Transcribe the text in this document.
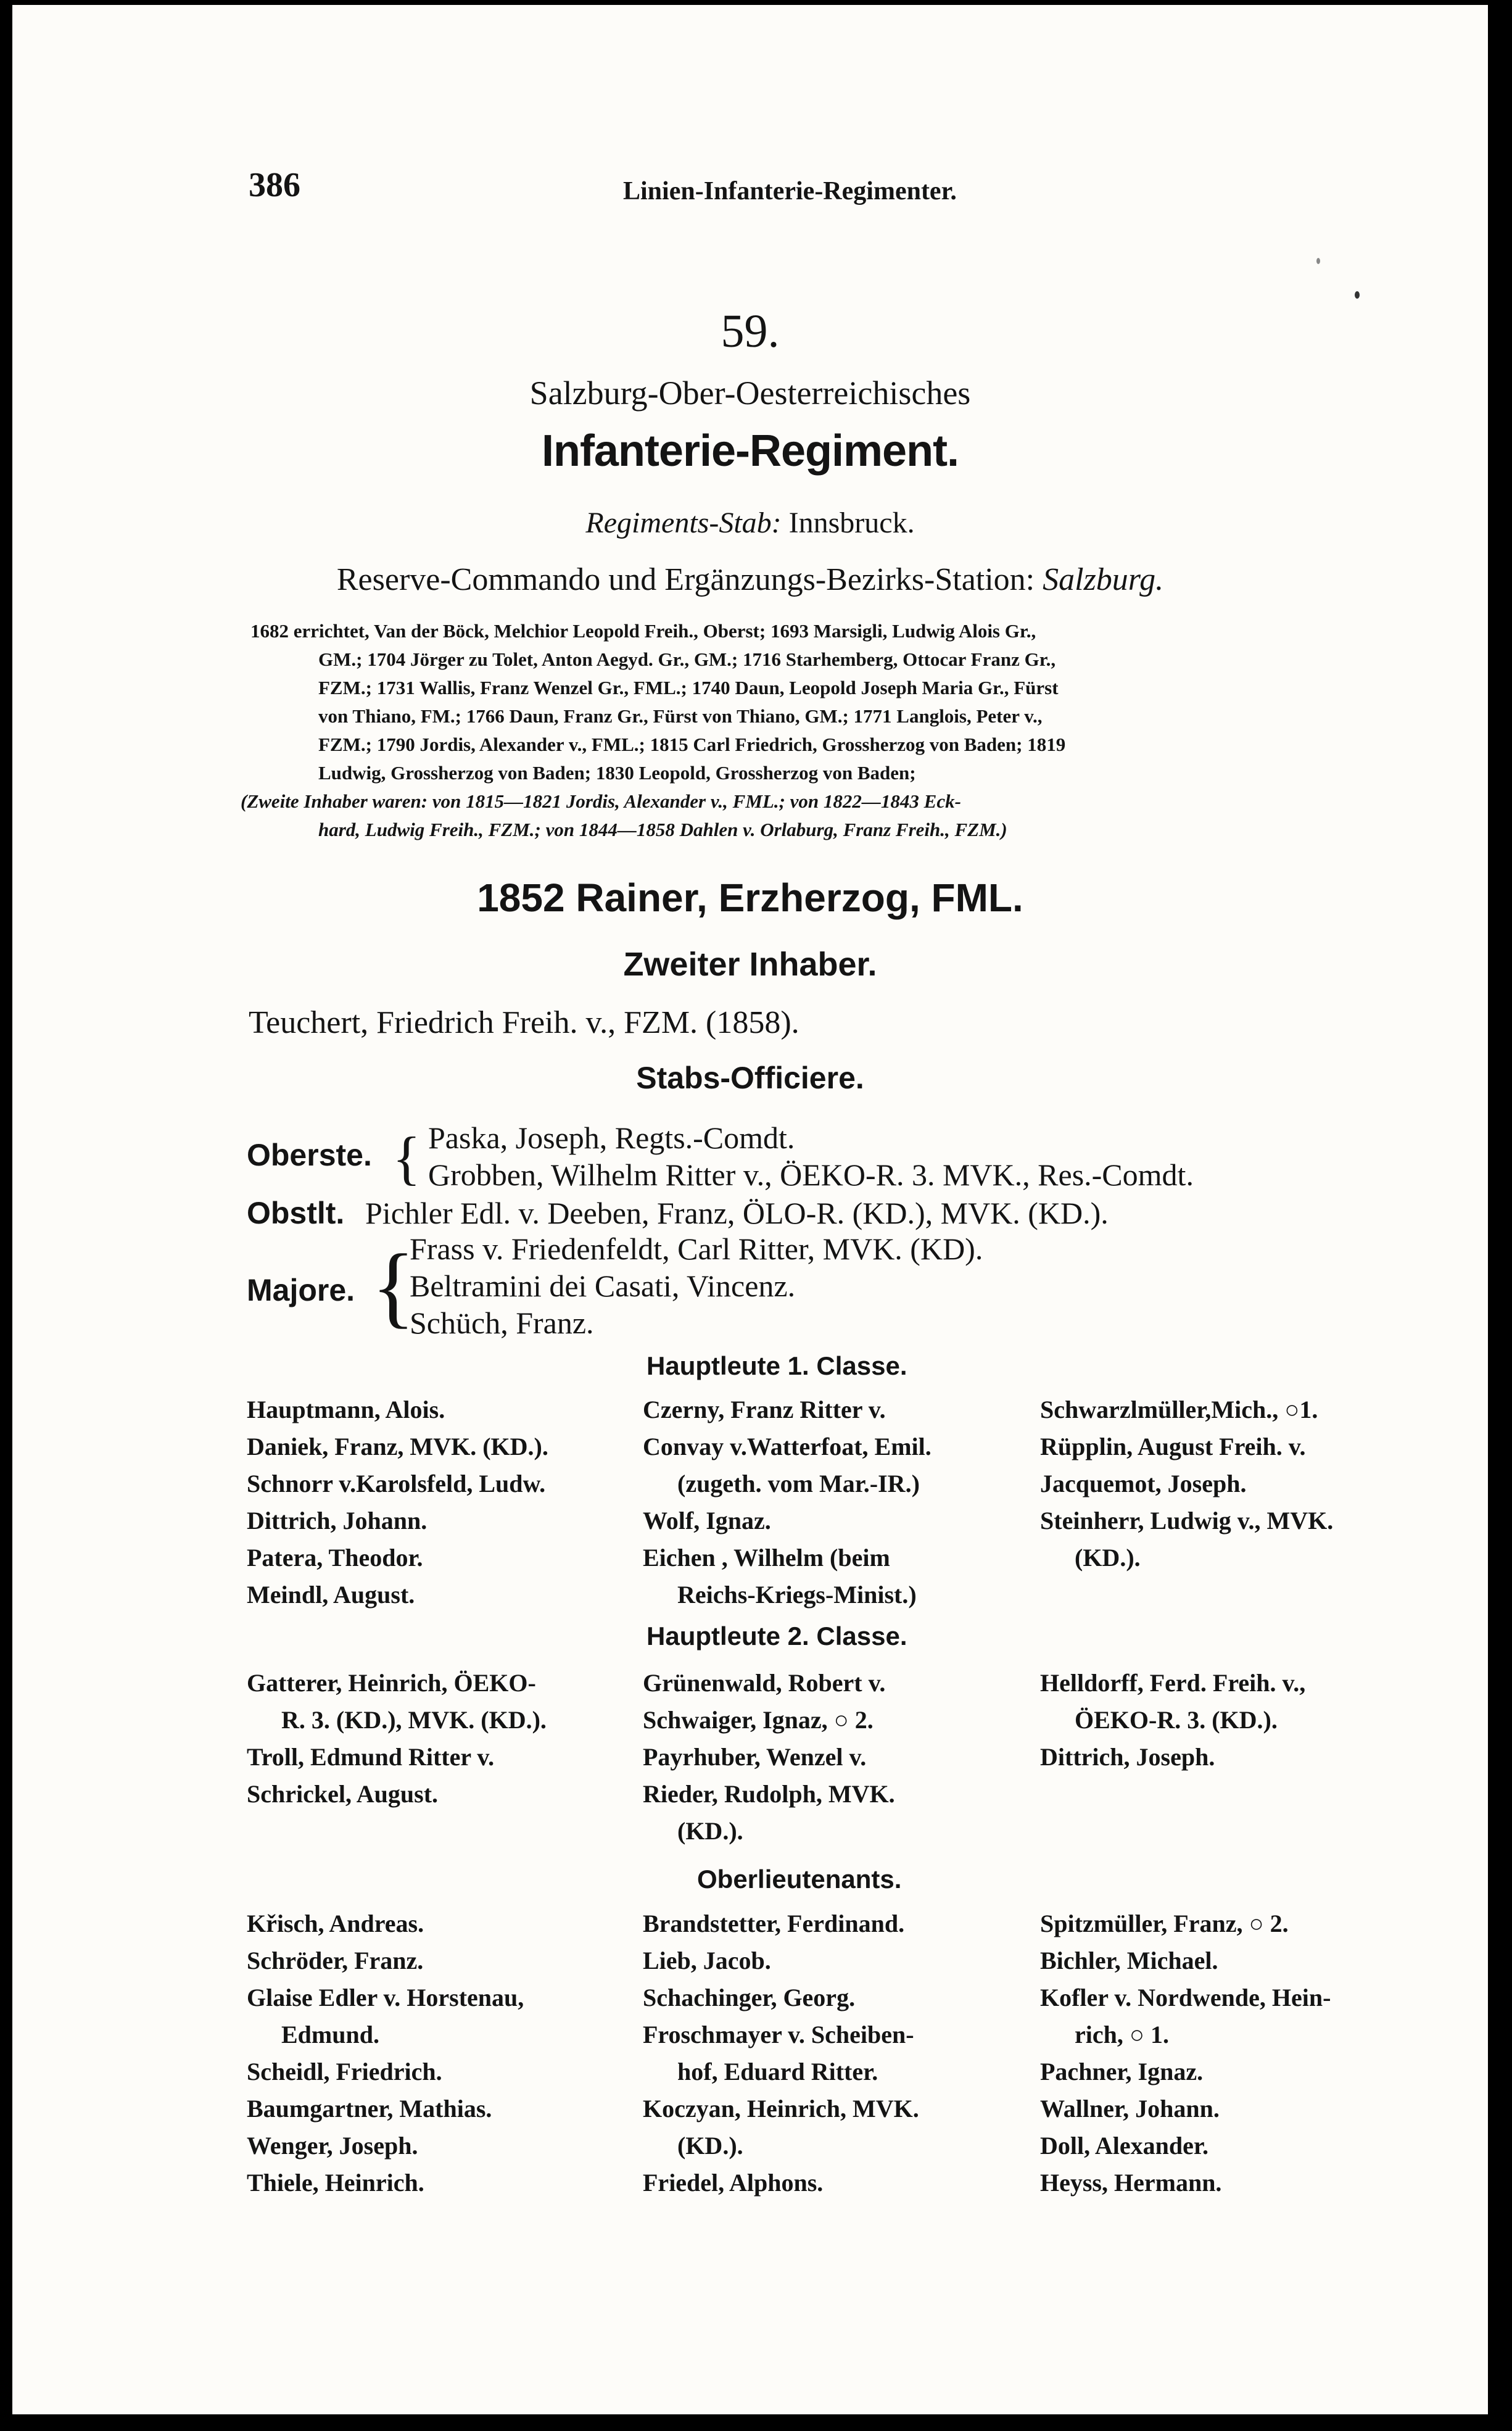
386	Linien-Infanterie-Regimenter.
59.
Salzburg-Ober-Oesterreichisches
Infanterie-Regiment.
Regiments-Stab: Innsbruck.
Reserve-Commando und Ergänzungs-Bezirks-Station: Salzburg.
1682 errichtet, Van der Böck, Melchior Leopold Freih., Oberst; 1693 Marsigli, Ludwig Alois Gr.,
GM.; 1704 Jörger zu Tolet, Anton Aegyd. Gr., GM.; 1716 Starhemberg, Ottocar Franz Gr.,
FZM.; 1731 Wallis, Franz Wenzel Gr., FML.; 1740 Daun, Leopold Joseph Maria Gr., Fürst
von Thiano, FM.; 1766 Daun, Franz Gr., Fürst von Thiano, GM.; 1771 Langlois, Peter v.,
FZM.; 1790 Jordis, Alexander v., FML.; 1815 Carl Friedrich, Grossherzog von Baden; 1819
Ludwig, Grossherzog von Baden; 1830 Leopold, Grossherzog von Baden;
(Zweite Inhaber waren: von 1815—1821 Jordis, Alexander v., FML.; von 1822—1843 Eck-
hard, Ludwig Freih., FZM.; von 1844—1858 Dahlen v. Orlaburg, Franz Freih., FZM.)
1852 Rainer, Erzherzog, FML.
Zweiter Inhaber.
Teuchert, Friedrich Freih. v., FZM. (1858).
Stabs-Officiere.
Oberste. { Paska, Joseph, Regts.-Comdt.
Grobben, Wilhelm Ritter v., ÖEKO-R. 3. MVK., Res.-Comdt.
Obstlt. Pichler Edl. v. Deeben, Franz, ÖLO-R. (KD.), MVK. (KD.).
Majore. {
Frass v. Friedenfeldt, Carl Ritter, MVK. (KD).
Beltramini dei Casati, Vincenz.
Schüch, Franz.
Hauptleute 1. Classe.
Hauptmann, Alois.
Daniek, Franz, MVK. (KD.).
Schnorr v.Karolsfeld, Ludw.
Dittrich, Johann.
Patera, Theodor.
Meindl, August.
Czerny, Franz Ritter v.
Convay v.Watterfoat, Emil.
(zugeth. vom Mar.-IR.)
Wolf, Ignaz.
Eichen , Wilhelm (beim
Reichs-Kriegs-Minist.)
Schwarzlmüller,Mich., ○1.
Rüpplin, August Freih. v.
Jacquemot, Joseph.
Steinherr, Ludwig v., MVK.
(KD.).
Hauptleute 2. Classe.
Gatterer, Heinrich, ÖEKO-
R. 3. (KD.), MVK. (KD.).
Troll, Edmund Ritter v.
Schrickel, August.
Grünenwald, Robert v.
Schwaiger, Ignaz, ○ 2.
Payrhuber, Wenzel v.
Rieder, Rudolph, MVK.
(KD.).
Helldorff, Ferd. Freih. v.,
ÖEKO-R. 3. (KD.).
Dittrich, Joseph.
Oberlieutenants.
Křisch, Andreas.
Schröder, Franz.
Glaise Edler v. Horstenau,
Edmund.
Scheidl, Friedrich.
Baumgartner, Mathias.
Wenger, Joseph.
Thiele, Heinrich.
Brandstetter, Ferdinand.
Lieb, Jacob.
Schachinger, Georg.
Froschmayer v. Scheiben-
hof, Eduard Ritter.
Koczyan, Heinrich, MVK.
(KD.).
Friedel, Alphons.
Spitzmüller, Franz, ○ 2.
Bichler, Michael.
Kofler v. Nordwende, Hein-
rich, ○ 1.
Pachner, Ignaz.
Wallner, Johann.
Doll, Alexander.
Heyss, Hermann.
